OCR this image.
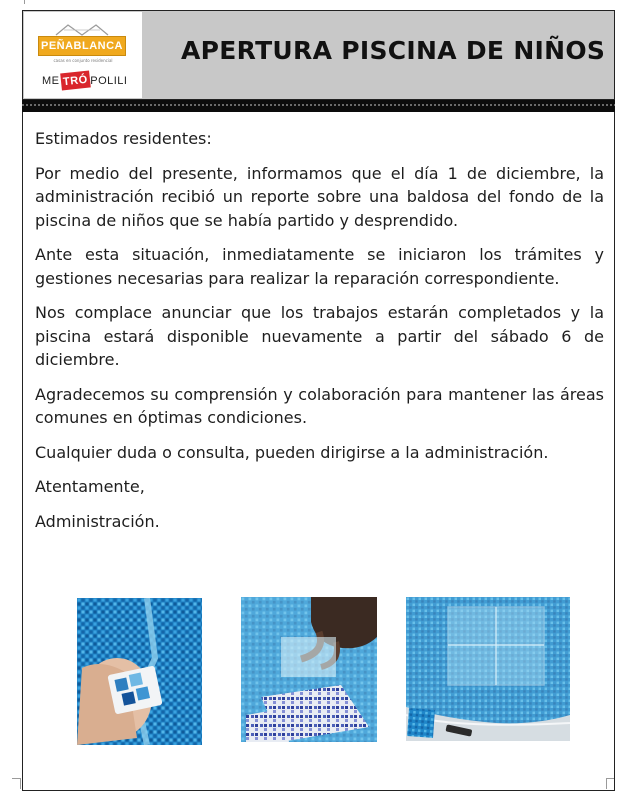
PEÑABLANCA
casas en conjunto residencial
ME TRÓ POLILI
APERTURA PISCINA DE NIÑOS

Estimados residentes:

Por medio del presente, informamos que el día 1 de diciembre, la administración recibió un reporte sobre una baldosa del fondo de la piscina de niños que se había partido y desprendido.

Ante esta situación, inmediatamente se iniciaron los trámites y gestiones necesarias para realizar la reparación correspondiente.

Nos complace anunciar que los trabajos estarán completados y la piscina estará disponible nuevamente a partir del sábado 6 de diciembre.

Agradecemos su comprensión y colaboración para mantener las áreas comunes en óptimas condiciones.

Cualquier duda o consulta, pueden dirigirse a la administración.

Atentamente,

Administración.
